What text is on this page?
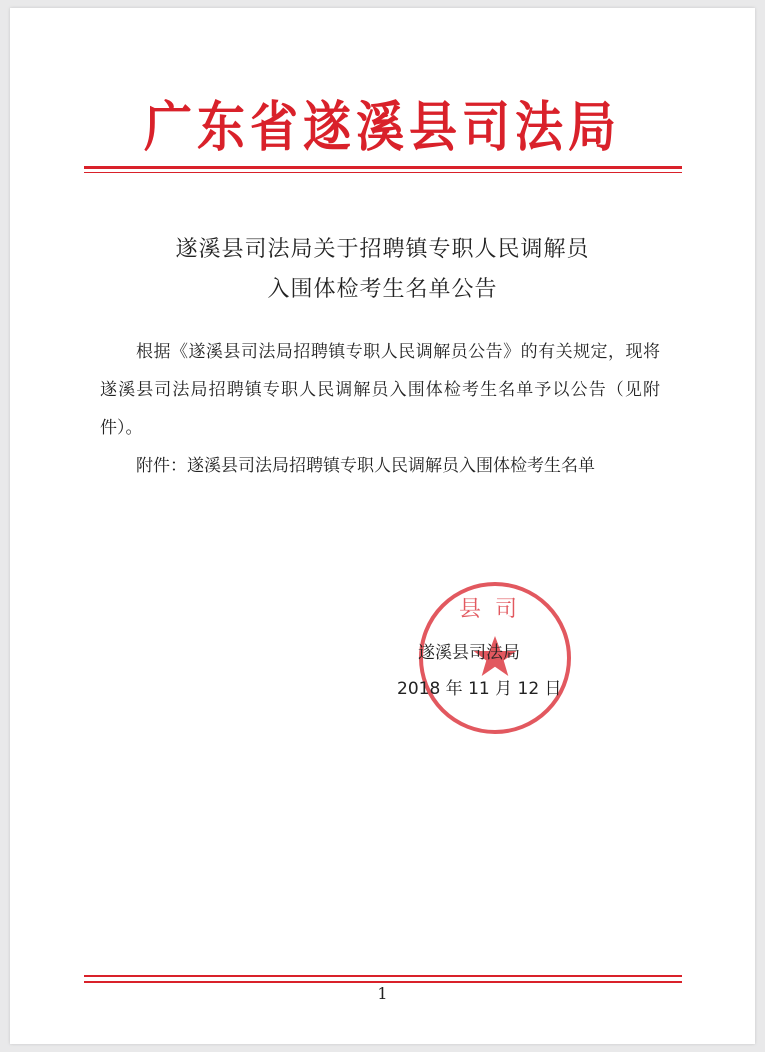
广东省遂溪县司法局
遂溪县司法局关于招聘镇专职人民调解员
入围体检考生名单公告
根据《遂溪县司法局招聘镇专职人民调解员公告》的有关规定，现将遂溪县司法局招聘镇专职人民调解员入围体检考生名单予以公告（见附件）。
附件：遂溪县司法局招聘镇专职人民调解员入围体检考生名单
县司
遂溪县司法局
2018 年 11 月 12 日
1
